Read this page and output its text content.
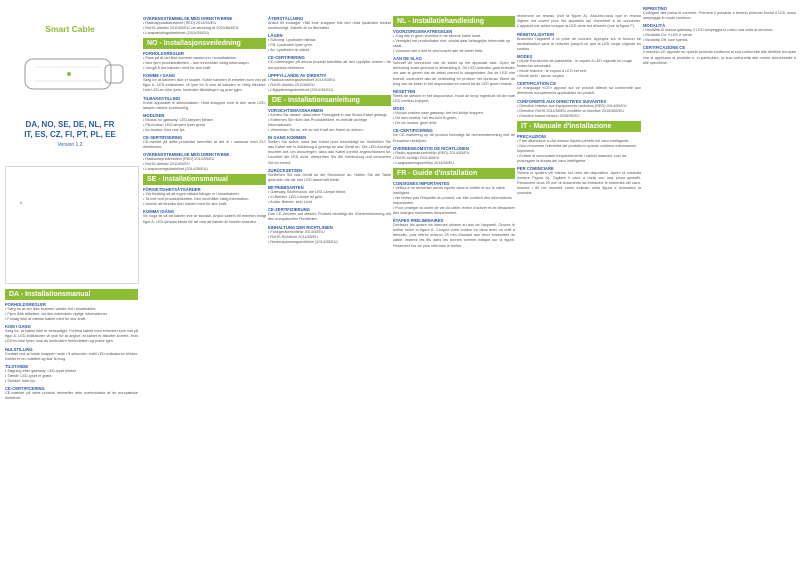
Smart Cable
DA, NO, SE, DE, NL, FR
IT, ES, CZ, FI, PT, PL, EE
Version 1.2
A
DA - Installationsmanual
FORHOLDSREGLER
• Sørg for at der ikke kommer væske ind i smartkablet.
• Fjern ikke etiketten, da den indeholder vigtige informationer.
• Forsøg ikke at trække kablet med for stor kraft.
KOM I GANG
Sørg for, at kablet ikke er beskadiget. Forbind kablet med enheden som vist på figur A. LED-indikatoren vil lyse for at angive, at kablet er tilsluttet korrekt. Hvis LED'en ikke lyser, skal du kontrollere forbindelsen og prøve igen.
NULSTILLING
Fortsæt ved at holde knappen nede i 5 sekunder, indtil LED-indikatoren blinker. Kablet er nu nulstillet og klar til brug.
TILSTANDE
• Søgning efter gateway: LED-lyset blinker
• Tændt: LED-lyset er grønt.
• Slukket: Intet lys.
CE-CERTIFICERING
CE-mærket på dette produkt bekræfter dets overholdelse af de europæiske direktiver.
OVERENSSTEMMELSE MED DIREKTIVERNE
• Radioapparatdirektivet (RED) 2014/53/EU
• RoHS-direktiv 2011/65/EU om ændring af 2015/863/EU
• Lavspændingsdirektivet (2014/35/EU)
NO - Installasjonsveiledning
FORHOLDSREGLER
• Pass på at det ikke kommer væske inn i smartkabelen.
• Ikke fjern produktetiketten – den inneholder viktig informasjon.
• Unngå å dra kabelen med for stor kraft.
KOMME I GANG
Sørg for at kabelen ikke er skadet. Koble kabelen til enheten som vist på figur A. LED-indikatoren vil lyse for å vise at kabelen er riktig tilkoblet. Hvis LED-en ikke lyser, kontroller tilkoblingen og prøv igjen.
TILBAKESTILLING
Koble apparatet til stikkontakten. Hold knappen inne til den røde LED-lampen blinker kontinuerlig.
MODUSER
• Modus for gateway: LED-lampen blinker.
• På-modus: LED-lampen lyser grønt.
• Av-modus: Ikke noe lys.
CE-SERTIFISERING
CE-merket på dette produktet bekrefter at det er i samsvar med EU-direktivene.
OVERENSSTEMMELSE MED DIREKTIVENE
• Radioutstyrsdirektivet (RED) 2014/53/EU
• RoHS-direktiv 2011/65/EU
• Lavspenningsdirektivet (2014/35/EU)
SE - Installationsmanual
FÖRSIKTIGHETSÅTGÄRDER
• Var försiktig så att ingen vätska tränger in i smartkabeln.
• Ta inte bort produktetiketten. Den innehåller viktig information.
• Undvik att försöka dra i kabeln med för stor kraft.
KOMMA IGÅNG
Se noga till så att kabeln inte är skadad. Anslut kabeln till enheten enligt figur A. LED-lampan tänds för att visa att kabeln är korrekt ansluten.
ÅTERSTÄLLNING
Anslut till eluttaget. Håll inne knappen tills den röda lysdioden blinkar kontinuerligt. Kabeln är nu återställd.
LÄGEN
• Sökning: Lysdioden blinkar.
• På: Lysdioden lyser grön.
• Av: Lysdioden är släckt.
CE-CERTIFIERING
CE-märkningen på denna produkt bekräftar att den uppfyller kraven i de europeiska direktiven.
UPPFYLLANDE AV DIREKTIV
• Radioutrustningsdirektivet 2014/53/EU
• RoHS-direktiv 2011/65/EU
• Lågspänningsdirektivet (2014/35/EU)
DE - Installationsanleitung
VORSICHTSMASSNAHMEN
• Achten Sie darauf, dass keine Flüssigkeit in das Smart-Kabel gelangt.
• Entfernen Sie nicht das Produktetikett, es enthält wichtige Informationen.
• Vermeiden Sie es, mit zu viel Kraft am Kabel zu ziehen.
IN GANG KOMMEN
Stellen Sie sicher, dass das Kabel nicht beschädigt ist. Schließen Sie das Kabel wie in Abbildung A gezeigt an das Gerät an. Die LED-Anzeige leuchtet auf, um anzuzeigen, dass das Kabel korrekt angeschlossen ist. Leuchtet die LED nicht, überprüfen Sie die Verbindung und versuchen Sie es erneut.
ZURÜCKSETZEN
Schließen Sie das Gerät an die Steckdose an. Halten Sie die Taste gedrückt, bis die rote LED dauerhaft blinkt.
BETRIEBSARTEN
• Gateway-Suchmodus: die LED-Lampe blinkt.
• In Betrieb: LED-Lampe ist grün.
• Außer Betrieb: kein Licht.
CE-ZERTIFIZIERUNG
Das CE-Zeichen auf diesem Produkt bestätigt die Übereinstimmung mit den europäischen Richtlinien.
EINHALTUNG DER RICHTLINIEN
• Funkgeräterichtlinie 2014/53/EU
• RoHS-Richtlinie 2011/65/EU
• Niederspannungsrichtlinie (2014/35/EU)
NL - Installatiehandleiding
VOORZORGSMAATREGELEN
• Zorg dat er geen vloeistof in de slimme kabel komt.
• Verwijder het productlabel niet, omdat daar belangrijke informatie op staat.
• Voorkom dat u met te veel kracht aan de kabel trekt.
AAN DE SLAG
Schroef de connector van de kabel op het apparaat vast. Open de behuizing zoals getoond in afbeelding A. De LED-indicator gaat branden om aan te geven dat de kabel correct is aangesloten. Als de LED niet brandt, controleer dan de verbinding en probeer het opnieuw. Steek de plug van de kabel in het stopcontact en wacht tot de LED groen brandt.
RESETTEN
Steek de stekker in het stopcontact. Houd de knop ingedrukt tot de rode LED continu knippert.
MODI
• Modus zoeken naar gateway: het led-lichtje knippert.
• De aan-modus: het led-licht is groen.
• De uit-modus: geen licht.
CE-CERTIFICERING
De CE-markering op dit product bevestigt de overeenstemming met de Europese richtlijnen.
OVEREENKOMSTIG DE RICHTLIJNEN
• Radio-apparatuurrichtlijn (RED) 2014/53/EU
• RoHS-richtlijn 2011/65/EU
• Laagspanningsrichtlijn 2014/35/EU
FR - Guide d'installation
CONSIGNES IMPORTANTES
• Veillez à ne renverser aucun liquide dans le boîtier et sur le câble intelligent.
• Ne retirez pas l'étiquette du produit, car elle contient des informations importantes.
• Pour protéger la durée de vie du câble, évitez d'activer et de désactiver des charges maximales fréquemment.
ÉTAPES PRÉLIMINAIRES
Dévissez les quatre vis internes situées au dos de l'appareil. Ouvrez le boîtier selon la figure A. Coupez votre cordon en deux avec un outil à dénuder, puis retirez environ 25 mm d'isolant aux deux extrémités du câble. Insérez les fils dans les bornes comme indiqué sur la figure. Resserrez les vis puis refermez le boîtier.
recherche un réseau (voir la figure A). Assurez-vous que le réseau Zigbee est ouvert pour les appareils qui cherchent à se connecter. L'appareil est activé lorsque la LED verte est allumée (voir la figure F).
RÉINITIALISATION
Branchez l'appareil à la prise de courant. Appuyez sur le bouton de réinitialisation sans le relâcher jusqu'à ce que la LED rouge clignote en continu.
MODES
• Mode Recherche de passerelle : le voyant à LED clignote en rouge toutes les secondes.
• Mode marche : le voyant à LED est vert.
• Mode arrêt : aucun voyant.
CERTIFICATION CE
Le marquage «CE» apposé sur ce produit atteste sa conformité aux directives européennes applicables au produit.
CONFORMITÉ AUX DIRECTIVES SUIVANTES
• Directive relative aux équipements hertziens (RED) 2014/53/EU
• Directive RoHS 2011/65/EU modifiée la directive 2015/863/EU
• Directive basse tension 2006/95/EC
IT - Manuale d'installazione
PRECAUZIONI
• Fare attenzione a che nessun liquido penetri nel cavo intelligente.
• Non rimuovere l'etichetta del prodotto in quanto contiene informazioni importanti.
• Evitare di commutare frequentemente i carichi massimi, così da prolungare la durata del cavo intelligente.
PER COMINCIARE
Svitare le quattro viti interne sul retro del dispositivo. Aprire la custodia (vedere Figura A). Tagliare il cavo a metà con una pinza spelafili. Rimuovere circa 25 mm di isolamento da entrambe le estremità del cavo. Inserire i fili nei morsetti come indicato nella figura e richiudere la custodia.
RIPRISTINO
Collegare alla presa di corrente. Premere il pulsante e tenerlo premuto finché il LED rosso lampeggia in modo continuo.
MODALITÀ
• Modalità di ricerca gateway: il LED lampeggia in rosso una volta al secondo.
• Modalità On: il LED è verde.
• Modalità Off: luce spenta.
CERTIFICAZIONE CE
Il marchio CE apposto su questo prodotto conferma la sua conformità alle direttive europee che si applicano al prodotto e, in particolare, la sua conformità alle norme armonizzate e alle specifiche.
